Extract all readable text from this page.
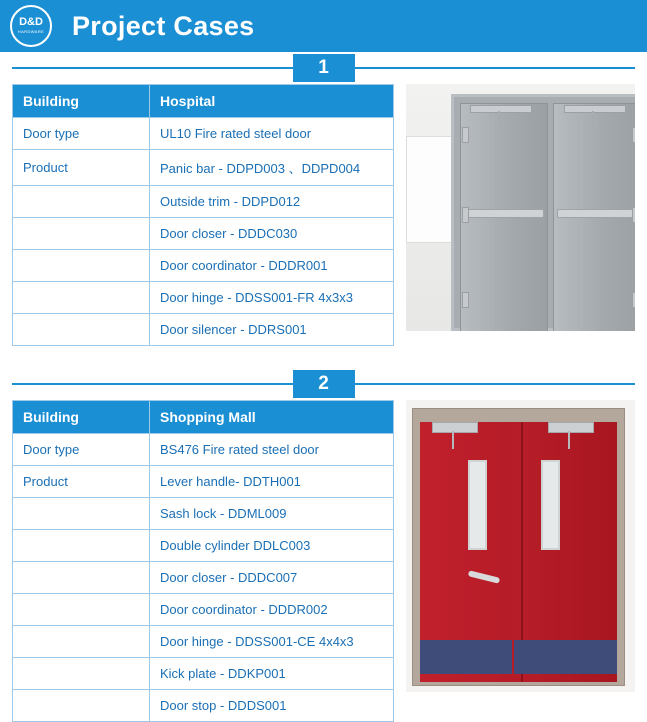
D&D
HARDWARE Project Cases
1
Building	Hospital
Door type	UL10 Fire rated steel door
Product	Panic bar - DDPD003 、DDPD004
	Outside trim - DDPD012
	Door closer - DDDC030
	Door coordinator - DDDR001
	Door hinge - DDSS001-FR 4x3x3
	Door silencer - DDRS001
2
Building	Shopping Mall
Door type	BS476 Fire rated steel door
Product	Lever handle- DDTH001
	Sash lock - DDML009
	Double cylinder DDLC003
	Door closer - DDDC007
	Door coordinator - DDDR002
	Door hinge - DDSS001-CE 4x4x3
	Kick plate - DDKP001
	Door stop - DDDS001
